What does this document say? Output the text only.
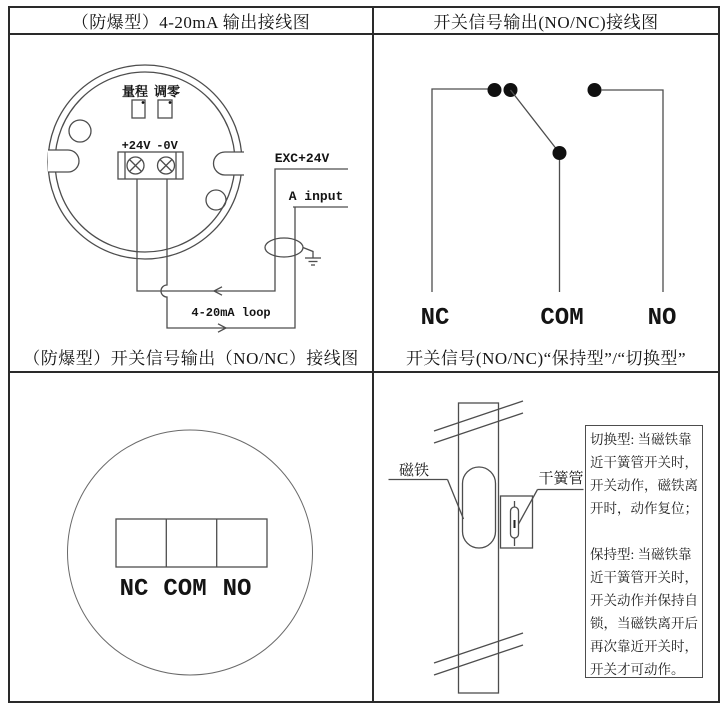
（防爆型）4-20mA 输出接线图	开关信号输出(NO/NC)接线图
量程 调零
+24V -0V
EXC+24V
A input
4-20mA loop	NC	COM	NO
（防爆型）开关信号输出（NO/NC）接线图	开关信号(NO/NC)“保持型”/“切换型”
NC COM NO
磁铁	干簧管
切换型: 当磁铁靠
近干簧管开关时，
开关动作，磁铁离
开时，动作复位；
保持型: 当磁铁靠
近干簧管开关时，
开关动作并保持自
锁，当磁铁离开后
再次靠近开关时，
开关才可动作。
